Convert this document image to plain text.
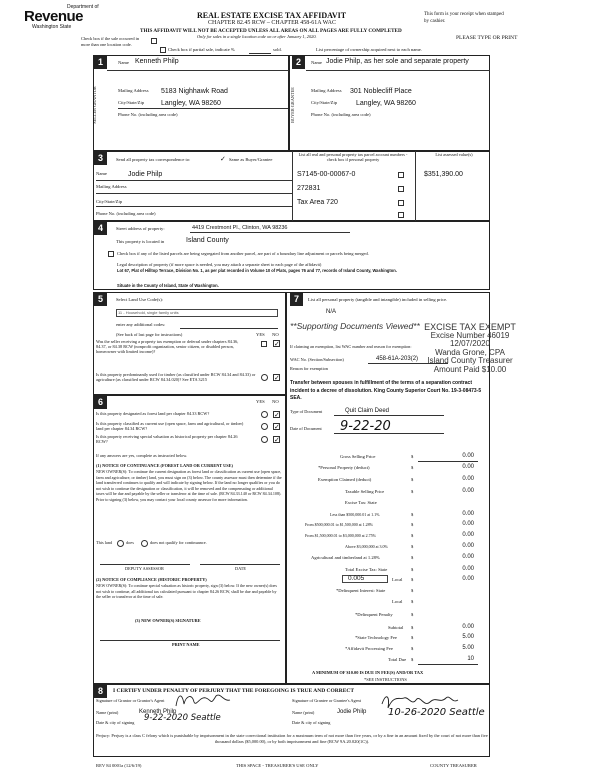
Department of
Revenue
Washington State
REAL ESTATE EXCISE TAX AFFIDAVIT
CHAPTER 82.45 RCW – CHAPTER 458-61A WAC
THIS AFFIDAVIT WILL NOT BE ACCEPTED UNLESS ALL AREAS ON ALL PAGES ARE FULLY COMPLETED
Only for sales in a single location code on or after January 1, 2020.
This form is your receipt when stamped by cashier.
PLEASE TYPE OR PRINT
Check box if the sale occurred in more than one location code.
Check box if partial sale, indicate %	sold.	List percentage of ownership acquired next to each name.
1
SELLER GRANTOR
Name Kenneth Philp
Mailing Address 5183 Nighhawk Road
City/State/Zip Langley, WA 98260
Phone No. (including area code)
2
BUYER GRANTEE
Name Jodie Philp, as her sole and separate property
Mailing Address 301 Noblecliff Place
City/State/Zip	Langley, WA 98260
Phone No. (including area code)
3	Send all property tax correspondence to:	✓ Same as Buyer/Grantee
List all real and personal property tax parcel account numbers - check box if personal property
List assessed value(s)
Name	Jodie Philp
Mailing Address
City/State/Zip
Phone No. (including area code)
S7145-00-00067-0
272831
Tax Area 720
$351,390.00
4	Street address of property:	4419 Crestmont Pl., Clinton, WA 98236
This property is located in	Island County
Check box if any of the listed parcels are being segregated from another parcel, are part of a boundary line adjustment or parcels being merged.
Legal description of property (if more space is needed, you may attach a separate sheet to each page of the affidavit)
Lot 67, Plat of Hilltop Terrace, Division No. 1, as per plat recorded in Volume 10 of Plats, pages 76 and 77, records of Island County, Washington.
Situate in the County of Island, State of Washington.
5	Select Land Use Code(s):
11 - Household, single family units
enter any additional codes:
(See back of last page for instructions)	YES NO
Was the seller receiving a property tax exemption or deferral under chapters 84.36, 84.37, or 84.38 RCW (nonprofit organization, senior citizen, or disabled person, homeowner with limited income)?
✓
Is this property predominantly used for timber (as classified under RCW 84.34 and 84.33) or agriculture (as classified under RCW 84.34.020)? See ETA 3215	✓
6	YES NO
Is this property designated as forest land per chapter 84.33 RCW?	✓
Is this property classified as current use (open space, farm and agricultural, or timber) land per chapter 84.34 RCW?	✓
Is this property receiving special valuation as historical property per chapter 84.26 RCW?	✓
If any answers are yes, complete as instructed below.
(1) NOTICE OF CONTINUANCE (FOREST LAND OR CURRENT USE)
NEW OWNER(S): To continue the current designation as forest land or classification as current use (open space, farm and agriculture, or timber) land, you must sign on (3) below. The county assessor must then determine if the land transferred continues to qualify and will indicate by signing below. If the land no longer qualifies or you do not wish to continue the designation or classification, it will be removed and the compensating or additional taxes will be due and payable by the seller or transferor at the time of sale. (RCW 84.33.140 or RCW 84.34.108). Prior to signing (3) below, you may contact your local county assessor for more information.
This land	does	does not qualify for continuance.
DEPUTY ASSESSOR	DATE
(2) NOTICE OF COMPLIANCE (HISTORIC PROPERTY)
NEW OWNER(S): To continue special valuation as historic property, sign (3) below. If the new owner(s) does not wish to continue, all additional tax calculated pursuant to chapter 84.26 RCW, shall be due and payable by the seller or transferor at the time of sale.
(3) NEW OWNER(S) SIGNATURE
PRINT NAME
7	List all personal property (tangible and intangible) included in selling price.
N/A
**Supporting Documents Viewed**
If claiming an exemption, list WAC number and reason for exemption:
WAC No. (Section/Subsection)	458-61A-203(2)
Reason for exemption
Transfer between spouses in fulfillment of the terms of a separation contract incident to a decree of dissolution. King County Superior Court No. 19-3-08473-5 SEA.
Type of Document	Quit Claim Deed
Date of Document 9-22-20
EXCISE TAX EXEMPT
Excise Number 46019
12/07/2020
Wanda Grone, CPA
Island County Treasurer
Amount Paid $10.00
Gross Selling Price	$	0.00
*Personal Property (deduct)	$	0.00
Exemption Claimed (deduct)	$	0.00
Taxable Selling Price	$	0.00
Excise Tax: State
Less than $500,000.01 at 1.1%	$	0.00
From $500,000.01 to $1,500,000 at 1.28%	$	0.00
From $1,500,000.01 to $3,000,000 at 2.75%	$	0.00
Above $3,000,000 at 3.0%	$	0.00
Agricultural and timberland at 1.28%	$	0.00
Total Excise Tax: State	$	0.00
0.005	Local $	0.00
*Delinquent Interest: State	$
Local $
*Delinquent Penalty	$
Subtotal $	0.00
*State Technology Fee	$	5.00
*Affidavit Processing Fee	$	5.00
Total Due $	10
A MINIMUM OF $10.00 IS DUE IN FEE(S) AND/OR TAX
*SEE INSTRUCTIONS
8	I CERTIFY UNDER PENALTY OF PERJURY THAT THE FOREGOING IS TRUE AND CORRECT
Signature of Grantor or Grantor's Agent
Name (print)	Kenneth Philp
Date & city of signing 9-22-2020 Seattle
Signature of Grantee or Grantee's Agent
Name (print)	Jodie Philp
Date & city of signing
10-26-2020 Seattle
Perjury: Perjury is a class C felony which is punishable by imprisonment in the state correctional institution for a maximum term of not more than five years, or by a fine in an amount fixed by the court of not more than five thousand dollars ($5,000.00), or by both imprisonment and fine (RCW 9A.20.020(1C)).
REV 84 0001a (12/6/19)	THIS SPACE - TREASURER'S USE ONLY	COUNTY TREASURER
